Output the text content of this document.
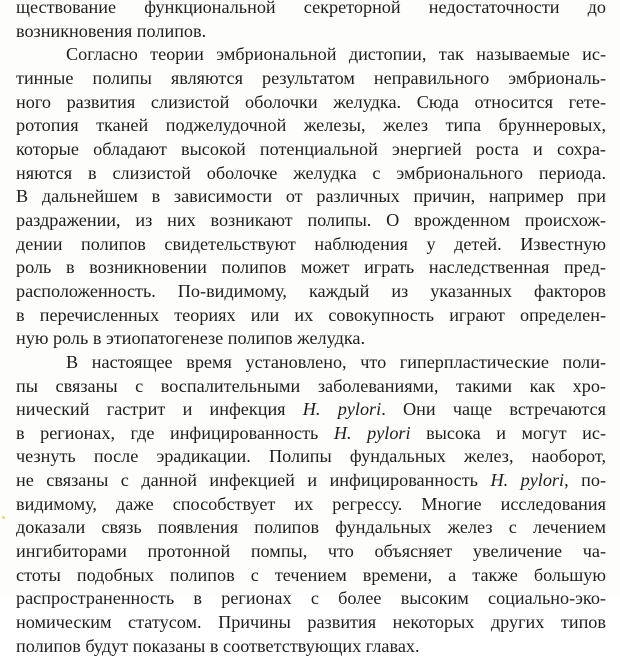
ществование функциональной секреторной недостаточности до
возникновения полипов.
Согласно теории эмбриональной дистопии, так называемые ис-
тинные полипы являются результатом неправильного эмбриональ-
ного развития слизистой оболочки желудка. Сюда относится гете-
ротопия тканей поджелудочной железы, желез типа бруннеровых,
которые обладают высокой потенциальной энергией роста и сохра-
няются в слизистой оболочке желудка с эмбрионального периода.
В дальнейшем в зависимости от различных причин, например при
раздражении, из них возникают полипы. О врожденном происхож-
дении полипов свидетельствуют наблюдения у детей. Известную
роль в возникновении полипов может играть наследственная пред-
расположенность. По-видимому, каждый из указанных факторов
в перечисленных теориях или их совокупность играют определен-
ную роль в этиопатогенезе полипов желудка.
В настоящее время установлено, что гиперпластические поли-
пы связаны с воспалительными заболеваниями, такими как хро-
нический гастрит и инфекция H. pylori. Они чаще встречаются
в регионах, где инфицированность H. pylori высока и могут ис-
чезнуть после эрадикации. Полипы фундальных желез, наоборот,
не связаны с данной инфекцией и инфицированность H. pylori, по-
видимому, даже способствует их регрессу. Многие исследования
доказали связь появления полипов фундальных желез с лечением
ингибиторами протонной помпы, что объясняет увеличение ча-
стоты подобных полипов с течением времени, а также большую
распространенность в регионах с более высоким социально-эко-
номическим статусом. Причины развития некоторых других типов
полипов будут показаны в соответствующих главах.
